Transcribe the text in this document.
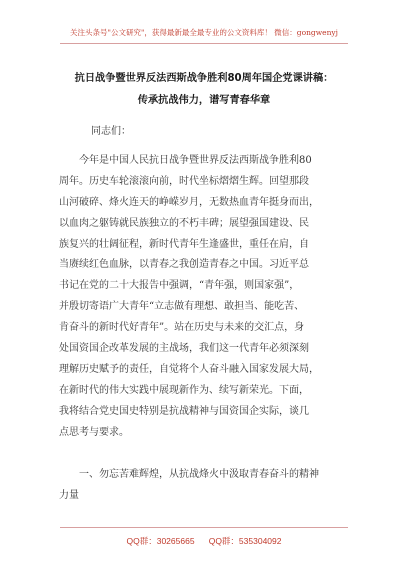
关注头条号"公文研究"，获得最新最全最专业的公文资料库！ 微信：gongwenyj
抗日战争暨世界反法西斯战争胜利80周年国企党课讲稿：
传承抗战伟力，谱写青春华章
同志们：
　　今年是中国人民抗日战争暨世界反法西斯战争胜利80
周年。历史车轮滚滚向前，时代坐标熠熠生辉。回望那段
山河破碎、烽火连天的峥嵘岁月，无数热血青年挺身而出，
以血肉之躯铸就民族独立的不朽丰碑；展望强国建设、民
族复兴的壮阔征程，新时代青年生逢盛世，重任在肩，自
当赓续红色血脉，以青春之我创造青春之中国。习近平总
书记在党的二十大报告中强调，“青年强，则国家强”，
并殷切寄语广大青年“立志做有理想、敢担当、能吃苦、
肯奋斗的新时代好青年”。站在历史与未来的交汇点，身
处国资国企改革发展的主战场，我们这一代青年必须深刻
理解历史赋予的责任，自觉将个人奋斗融入国家发展大局，
在新时代的伟大实践中展现新作为、续写新荣光。下面，
我将结合党史国史特别是抗战精神与国资国企实际，谈几
点思考与要求。
　　一、勿忘苦难辉煌，从抗战烽火中汲取青春奋斗的精神
力量
QQ群：30265665      QQ群：535304092
